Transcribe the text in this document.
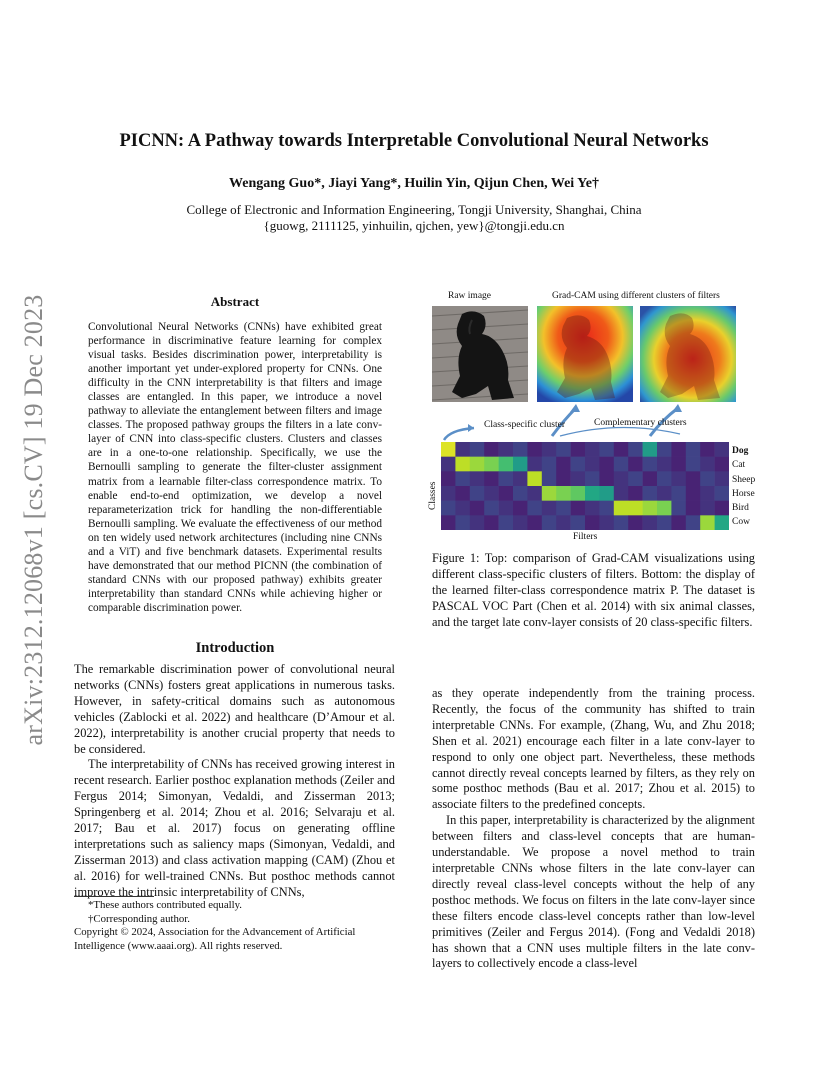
arXiv:2312.12068v1 [cs.CV] 19 Dec 2023
PICNN: A Pathway towards Interpretable Convolutional Neural Networks
Wengang Guo*, Jiayi Yang*, Huilin Yin, Qijun Chen, Wei Ye†
College of Electronic and Information Engineering, Tongji University, Shanghai, China
{guowg, 2111125, yinhuilin, qjchen, yew}@tongji.edu.cn
Abstract
Convolutional Neural Networks (CNNs) have exhibited great performance in discriminative feature learning for complex visual tasks. Besides discrimination power, interpretability is another important yet under-explored property for CNNs. One difficulty in the CNN interpretability is that filters and image classes are entangled. In this paper, we introduce a novel pathway to alleviate the entanglement between filters and image classes. The proposed pathway groups the filters in a late conv-layer of CNN into class-specific clusters. Clusters and classes are in a one-to-one relationship. Specifically, we use the Bernoulli sampling to generate the filter-cluster assignment matrix from a learnable filter-class correspondence matrix. To enable end-to-end optimization, we develop a novel reparameterization trick for handling the non-differentiable Bernoulli sampling. We evaluate the effectiveness of our method on ten widely used network architectures (including nine CNNs and a ViT) and five benchmark datasets. Experimental results have demonstrated that our method PICNN (the combination of standard CNNs with our proposed pathway) exhibits greater interpretability than standard CNNs while achieving higher or comparable discrimination power.
Introduction

The remarkable discrimination power of convolutional neural networks (CNNs) fosters great applications in numerous tasks. However, in safety-critical domains such as autonomous vehicles (Zablocki et al. 2022) and healthcare (D’Amour et al. 2022), interpretability is another crucial property that needs to be considered.

The interpretability of CNNs has received growing interest in recent research. Earlier posthoc explanation methods (Zeiler and Fergus 2014; Simonyan, Vedaldi, and Zisserman 2013; Springenberg et al. 2014; Zhou et al. 2016; Selvaraju et al. 2017; Bau et al. 2017) focus on generating offline interpretations such as saliency maps (Simonyan, Vedaldi, and Zisserman 2013) and class activation mapping (CAM) (Zhou et al. 2016) for well-trained CNNs. But posthoc methods cannot improve the intrinsic interpretability of CNNs,

*These authors contributed equally.
†Corresponding author.
Copyright © 2024, Association for the Advancement of Artificial Intelligence (www.aaai.org). All rights reserved.

as they operate independently from the training process. Recently, the focus of the community has shifted to train interpretable CNNs. For example, (Zhang, Wu, and Zhu 2018; Shen et al. 2021) encourage each filter in a late conv-layer to respond to only one object part. Nevertheless, these methods cannot directly reveal concepts learned by filters, as they rely on some posthoc methods (Bau et al. 2017; Zhou et al. 2015) to associate filters to the predefined concepts.

In this paper, interpretability is characterized by the alignment between filters and class-level concepts that are human-understandable. We propose a novel method to train interpretable CNNs whose filters in the late conv-layer can directly reveal class-level concepts without the help of any posthoc methods. We focus on filters in the late conv-layer since these filters encode class-level concepts rather than low-level primitives (Zeiler and Fergus 2014). (Fong and Vedaldi 2018) has shown that a CNN uses multiple filters in the late conv-layers to collectively encode a class-level

Raw image	Grad-CAM using different clusters of filters
Class-specific cluster	Complementary clusters
Classes
Filters
Dog
Cat
Sheep
Horse
Bird
Cow
Figure 1: Top: comparison of Grad-CAM visualizations using different class-specific clusters of filters. Bottom: the display of the learned filter-class correspondence matrix P. The dataset is PASCAL VOC Part (Chen et al. 2014) with six animal classes, and the target late conv-layer consists of 20 class-specific filters.
